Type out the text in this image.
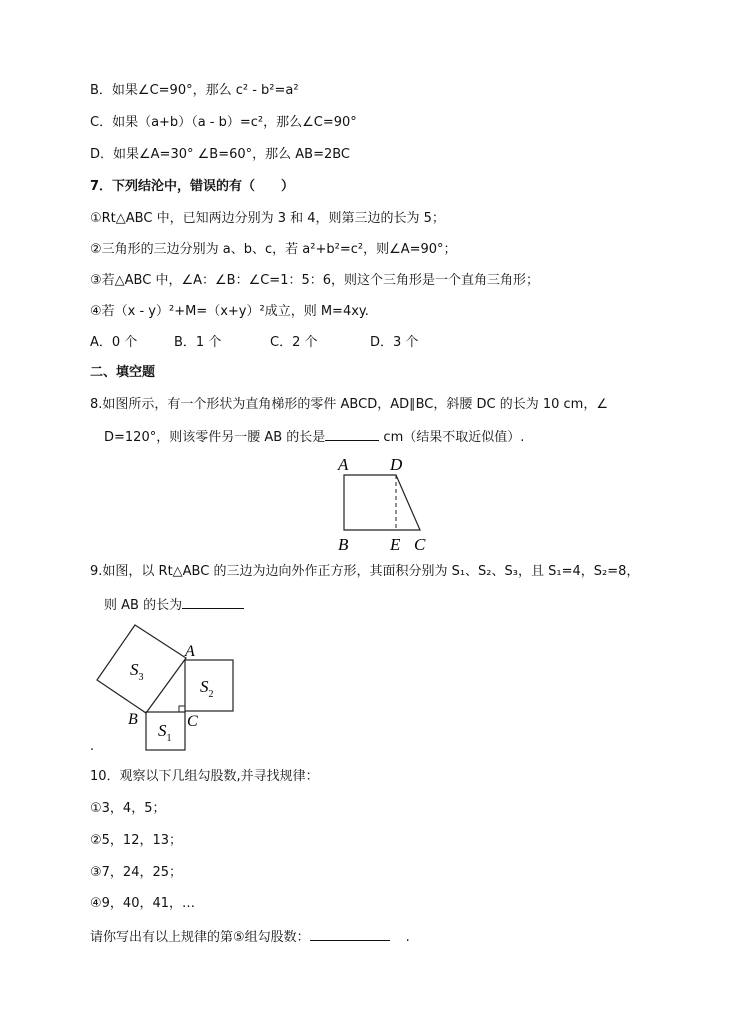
B．如果∠C=90°，那么 c² - b²=a²
C．如果（a+b）（a - b）=c²，那么∠C=90°
D．如果∠A=30° ∠B=60°，那么 AB=2BC
7．下列结沦中，错误的有（　　）
①Rt△ABC 中，已知两边分别为 3 和 4，则第三边的长为 5；
②三角形的三边分别为 a、b、c，若 a²+b²=c²，则∠A=90°；
③若△ABC 中，∠A：∠B：∠C=1：5：6，则这个三角形是一个直角三角形；
④若（x - y）²+M=（x+y）²成立，则 M=4xy.
A．0 个	B．1 个	C．2 个	D．3 个
二、填空题
8.如图所示，有一个形状为直角梯形的零件 ABCD，AD∥BC，斜腰 DC 的长为 10 cm，∠
D=120°，则该零件另一腰 AB 的长是	cm（结果不取近似值）.
A D
B E C
9.如图，以 Rt△ABC 的三边为边向外作正方形，其面积分别为 S₁、S₂、S₃，且 S₁=4，S₂=8，
则 AB 的长为
$S_3$	$S_2$
$S_1$
A
B	C
.
10．观察以下几组勾股数,并寻找规律：
①3，4，5；
②5，12，13；
③7，24，25；
④9，40，41，…
请你写出有以上规律的第⑤组勾股数：	.
